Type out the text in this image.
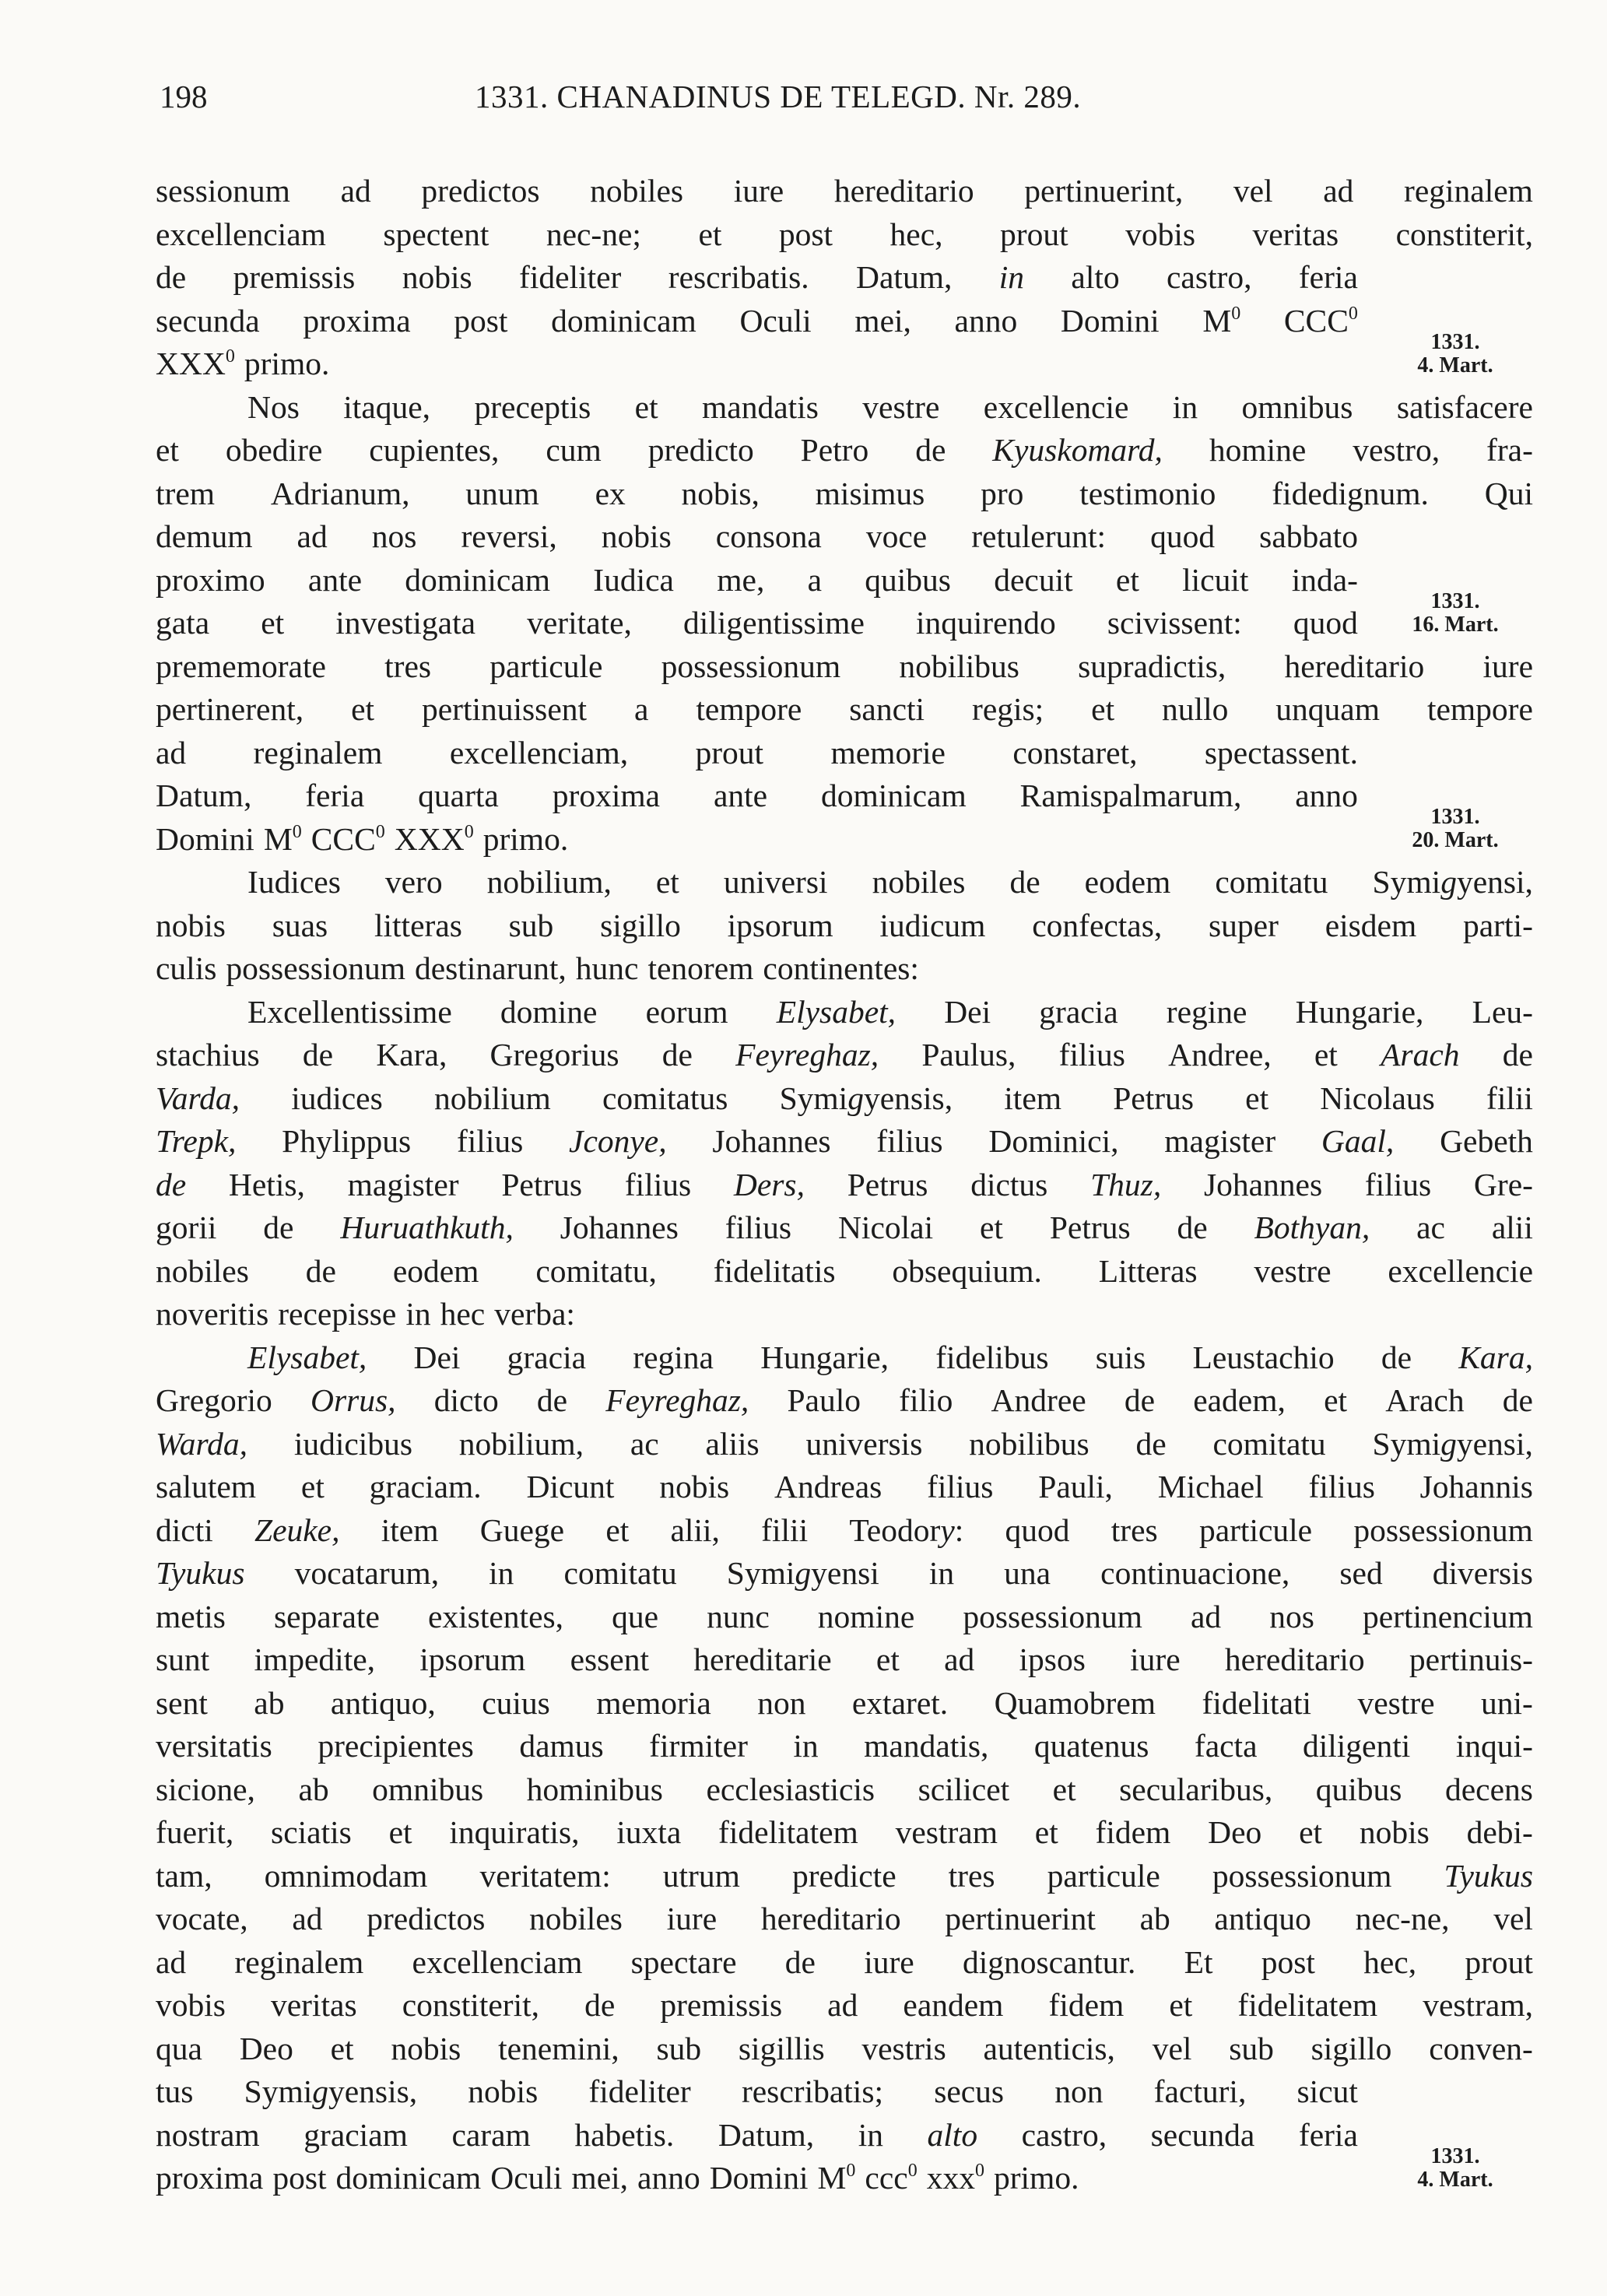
198	1331. CHANADINUS DE TELEGD. Nr. 289.
sessionum ad predictos nobiles iure hereditario pertinuerint, vel ad reginalem
excellenciam spectent nec-ne; et post hec, prout vobis veritas constiterit,
de premissis nobis fideliter rescribatis. Datum, in alto castro, feria
secunda proxima post dominicam Oculi mei, anno Domini $M^0$ CCC$^0$
XXX$^0$ primo.
Nos itaque, preceptis et mandatis vestre excellencie in omnibus satisfacere
et obedire cupientes, cum predicto Petro de Kyuskomard, homine vestro, fra-
trem Adrianum, unum ex nobis, misimus pro testimonio fidedignum. Qui
demum ad nos reversi, nobis consona voce retulerunt: quod sabbato
proximo ante dominicam Iudica me, a quibus decuit et licuit inda-
gata et investigata veritate, diligentissime inquirendo scivissent: quod
prememorate tres particule possessionum nobilibus supradictis, hereditario iure
pertinerent, et pertinuissent a tempore sancti regis; et nullo unquam tempore
ad reginalem excellenciam, prout memorie constaret, spectassent.
Datum, feria quarta proxima ante dominicam Ramispalmarum, anno
Domini $M^0$ CCC$^0$ XXX$^0$ primo.
Iudices vero nobilium, et universi nobiles de eodem comitatu Symigyensi,
nobis suas litteras sub sigillo ipsorum iudicum confectas, super eisdem parti-
culis possessionum destinarunt, hunc tenorem continentes:
Excellentissime domine eorum Elysabet, Dei gracia regine Hungarie, Leu-
stachius de Kara, Gregorius de Feyreghaz, Paulus, filius Andree, et Arach de
Varda, iudices nobilium comitatus Symigyensis, item Petrus et Nicolaus filii
Trepk, Phylippus filius Jconye, Johannes filius Dominici, magister Gaal, Gebeth
de Hetis, magister Petrus filius Ders, Petrus dictus Thuz, Johannes filius Gre-
gorii de Huruathkuth, Johannes filius Nicolai et Petrus de Bothyan, ac alii
nobiles de eodem comitatu, fidelitatis obsequium. Litteras vestre excellencie
noveritis recepisse in hec verba:
Elysabet, Dei gracia regina Hungarie, fidelibus suis Leustachio de Kara,
Gregorio Orrus, dicto de Feyreghaz, Paulo filio Andree de eadem, et Arach de
Warda, iudicibus nobilium, ac aliis universis nobilibus de comitatu Symigyensi,
salutem et graciam. Dicunt nobis Andreas filius Pauli, Michael filius Johannis
dicti Zeuke, item Guege et alii, filii Teodory: quod tres particule possessionum
Tyukus vocatarum, in comitatu Symigyensi in una continuacione, sed diversis
metis separate existentes, que nunc nomine possessionum ad nos pertinencium
sunt impedite, ipsorum essent hereditarie et ad ipsos iure hereditario pertinuis-
sent ab antiquo, cuius memoria non extaret. Quamobrem fidelitati vestre uni-
versitatis precipientes damus firmiter in mandatis, quatenus facta diligenti inqui-
sicione, ab omnibus hominibus ecclesiasticis scilicet et secularibus, quibus decens
fuerit, sciatis et inquiratis, iuxta fidelitatem vestram et fidem Deo et nobis debi-
tam, omnimodam veritatem: utrum predicte tres particule possessionum Tyukus
vocate, ad predictos nobiles iure hereditario pertinuerint ab antiquo nec-ne, vel
ad reginalem excellenciam spectare de iure dignoscantur. Et post hec, prout
vobis veritas constiterit, de premissis ad eandem fidem et fidelitatem vestram,
qua Deo et nobis tenemini, sub sigillis vestris autenticis, vel sub sigillo conven-
tus Symigyensis, nobis fideliter rescribatis; secus non facturi, sicut
nostram graciam caram habetis. Datum, in alto castro, secunda feria
proxima post dominicam Oculi mei, anno Domini $M^0$ ccc$^0$ xxx$^0$ primo.
1331.
4. Mart.
1331.
16. Mart.
1331.
20. Mart.
1331.
4. Mart.
